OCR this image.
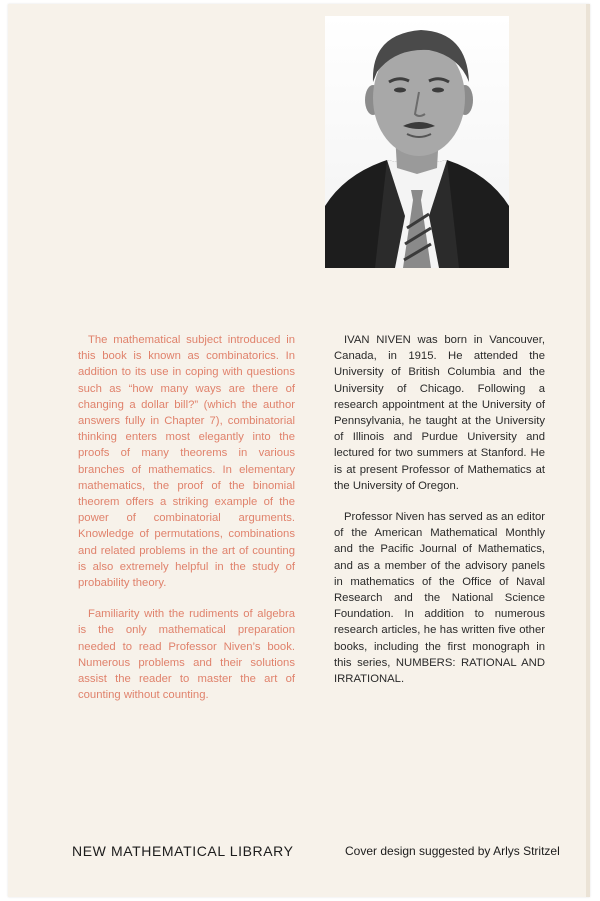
The mathematical subject introduced in this book is known as combinatorics. In addition to its use in coping with questions such as “how many ways are there of changing a dollar bill?” (which the author answers fully in Chapter 7), combinatorial thinking enters most elegantly into the proofs of many theorems in various branches of mathematics. In elementary mathematics, the proof of the binomial theorem offers a striking example of the power of combinatorial arguments. Knowledge of permutations, combinations and related problems in the art of counting is also extremely helpful in the study of probability theory.

Familiarity with the rudiments of algebra is the only mathematical preparation needed to read Professor Niven’s book. Numerous problems and their solutions assist the reader to master the art of counting without counting.

IVAN NIVEN was born in Vancouver, Canada, in 1915. He attended the University of British Columbia and the University of Chicago. Following a research appointment at the University of Pennsylvania, he taught at the University of Illinois and Purdue University and lectured for two summers at Stanford. He is at present Professor of Mathematics at the University of Oregon.

Professor Niven has served as an editor of the American Mathematical Monthly and the Pacific Journal of Mathematics, and as a member of the advisory panels in mathematics of the Office of Naval Research and the National Science Foundation. In addition to numerous research articles, he has written five other books, including the first monograph in this series, NUMBERS: RATIONAL AND IRRATIONAL.

NEW MATHEMATICAL LIBRARY	Cover design suggested by Arlys Stritzel
